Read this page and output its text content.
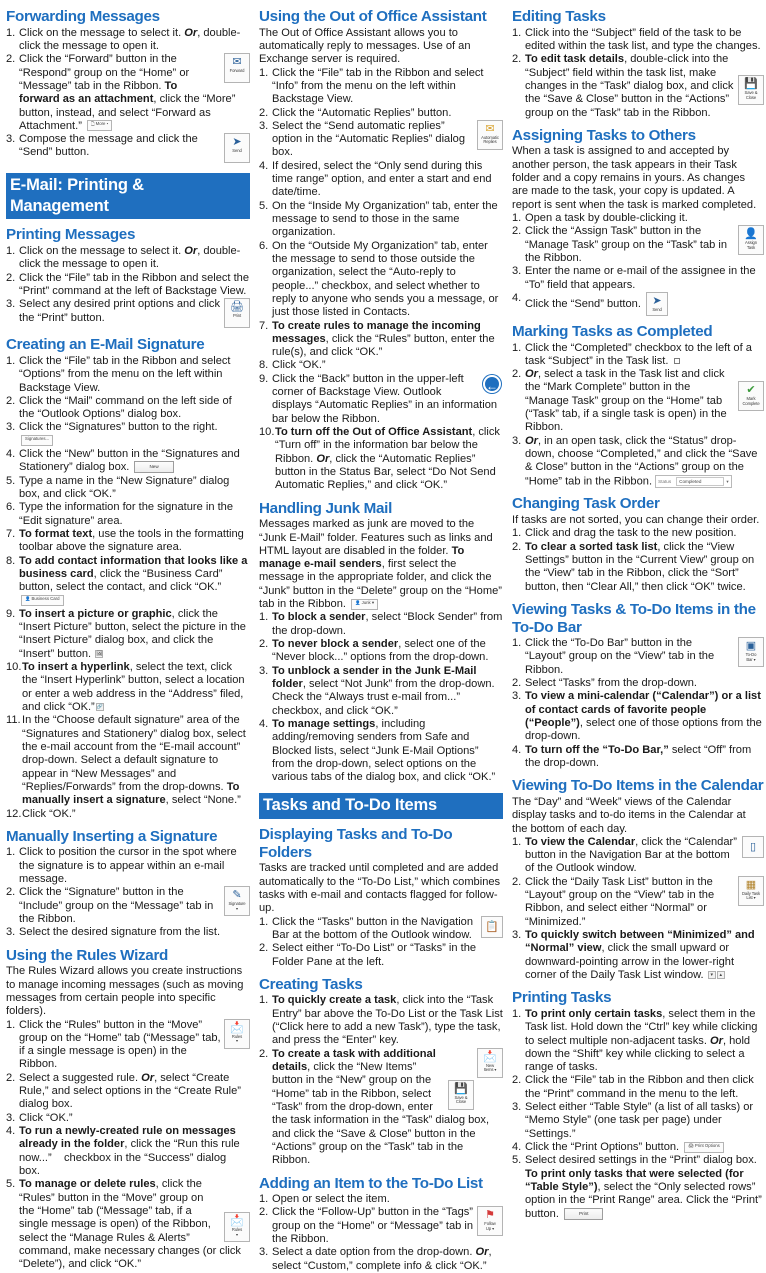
Forwarding Messages
1. Click on the message to select it. Or, double-click the message to open it.
2.	✉
Forward
Click the “Forward” button in the “Respond” group on the “Home” or “Message” tab in the Ribbon. To forward as an attachment, click the “More” button, instead, and select “Forward as Attachment.” 🗋 More ▾
3.	➤
Send
Compose the message and click the “Send” button.
E-Mail: Printing & Management
Printing Messages
1. Click on the message to select it. Or, double-click the message to open it.
2. Click the “File” tab in the Ribbon and select the “Print” command at the left of Backstage View.
3.	🖨
Print
Select any desired print options and click the “Print” button.
Creating an E-Mail Signature
1. Click the “File” tab in the Ribbon and select “Options” from the menu on the left within Backstage View.
2. Click the “Mail” command on the left side of the “Outlook Options” dialog box.
3. Click the “Signatures” button to the right. Signatures...
4. Click the “New” button in the “Signatures and Stationery” dialog box.	New
5. Type a name in the “New Signature” dialog box, and click “OK.”
6. Type the information for the signature in the “Edit signature” area.
7. To format text, use the tools in the formatting toolbar above the signature area.
8. To add contact information that looks like a business card, click the “Business Card” button, select the contact, and click “OK.” 👤 Business Card
9. To insert a picture or graphic, click the “Insert Picture” button, select the picture in the “Insert Picture” dialog box, and click the “Insert” button. 🖼
10. To insert a hyperlink, select the text, click the “Insert Hyperlink” button, select a location or enter a web address in the “Address” filed, and click “OK.” 🔗
11. In the “Choose default signature” area of the “Signatures and Stationery” dialog box, select the e-mail account from the “E-mail account” drop-down. Select a default signature to appear in “New Messages” and “Replies/Forwards” from the drop-downs. To manually insert a signature, select “None.”
12. Click “OK.”
Manually Inserting a Signature
1. Click to position the cursor in the spot where the signature is to appear within an e-mail message.
2.	✎
Signature
▾
Click the “Signature” button in the “Include” group on the “Message” tab in the Ribbon.
3. Select the desired signature from the list.
Using the Rules Wizard

The Rules Wizard allows you create instructions to manage incoming messages (such as moving messages from certain people into specific folders).

1.	📩
Rules
▾
Click the “Rules” button in the “Move” group on the “Home” tab (“Message” tab, if a single message is open) in the Ribbon.
2. Select a suggested rule. Or, select “Create Rule,” and select options in the “Create Rule” dialog box.
3. Click “OK.”
4. To run a newly-created rule on messages already in the folder, click the “Run this rule now...”    checkbox in the “Success” dialog box.
5.
📩
Rules
▾
To manage or delete rules, click the “Rules” button in the “Move” group on the “Home” tab (“Message” tab, if a single message is open) of the Ribbon, select the “Manage Rules & Alerts” command, make necessary changes (or click “Delete”), and click “OK.”
Using the Out of Office Assistant

The Out of Office Assistant allows you to automatically reply to messages. Use of an Exchange server is required.

1. Click the “File” tab in the Ribbon and select “Info” from the menu on the left within Backstage View.
2. Click the “Automatic Replies” button.
3.	✉
Automatic
Replies
Select the “Send automatic replies” option in the “Automatic Replies” dialog box.
4. If desired, select the “Only send during this time range” option, and enter a start and end date/time.
5. On the “Inside My Organization” tab, enter the message to send to those in the same organization.
6. On the “Outside My Organization” tab, enter the message to send to those outside the organization, select the “Auto-reply to people...” checkbox, and select whether to reply to anyone who sends you a message, or just those listed in Contacts.
7. To create rules to manage the incoming messages, click the “Rules” button, enter the rule(s), and click “OK.”
8. Click “OK.”
9.	←
Click the “Back” button in the upper-left corner of Backstage View. Outlook displays “Automatic Replies” in an information bar below the Ribbon.
10. To turn off the Out of Office Assistant, click “Turn off” in the information bar below the Ribbon. Or, click the “Automatic Replies” button in the Status Bar, select “Do Not Send Automatic Replies,” and click “OK.”
Handling Junk Mail

Messages marked as junk are moved to the “Junk E-Mail” folder. Features such as links and HTML layout are disabled in the folder. To manage e-mail senders, first select the message in the appropriate folder, and click the “Junk” button in the “Delete” group on the “Home” tab in the Ribbon. 👤 Junk ▾

1. To block a sender, select “Block Sender” from the drop-down.
2. To never block a sender, select one of the “Never block...” options from the drop-down.
3. To unblock a sender in the Junk E-Mail folder, select “Not Junk” from the drop-down. Check the “Always trust e-mail from...” checkbox, and click “OK.”
4. To manage settings, including adding/removing senders from Safe and Blocked lists, select “Junk E-Mail Options” from the drop-down, select options on the various tabs of the dialog box, and click “OK.”
Tasks and To-Do Items
Displaying Tasks and To-Do Folders

Tasks are tracked until completed and are added automatically to the “To-Do List,” which combines tasks with e-mail and contacts flagged for follow-up.

1.	📋
Click the “Tasks” button in the Navigation Bar at the bottom of the Outlook window.
2. Select either “To-Do List” or “Tasks” in the Folder Pane at the left.
Creating Tasks
1. To quickly create a task, click into the “Task Entry” bar above the To-Do List or the Task List (“Click here to add a new Task”), type the task, and press the “Enter” key.
2.	📩
New
Items ▾
💾
Save &
Close
To create a task with additional details, click the “New Items” button in the “New” group on the “Home” tab in the Ribbon, select “Task” from the drop-down, enter the task information in the “Task” dialog box, and click the “Save & Close” button in the “Actions” group on the “Task” tab in the Ribbon.
Adding an Item to the To-Do List
1. Open or select the item.
2.	⚑
Follow
Up ▾
Click the “Follow-Up” button in the “Tags” group on the “Home” or “Message” tab in the Ribbon.
3. Select a date option from the drop-down. Or, select “Custom,” complete info & click “OK.”
Editing Tasks
1. Click into the “Subject” field of the task to be edited within the task list, and type the changes.
2.
💾
Save &
Close
To edit task details, double-click into the “Subject” field within the task list, make changes in the “Task” dialog box, and click the “Save & Close” button in the “Actions” group on the “Task” tab in the Ribbon.
Assigning Tasks to Others

When a task is assigned to and accepted by another person, the task appears in their Task folder and a copy remains in yours. As changes are made to the task, your copy is updated. A report is sent when the task is marked completed.

1. Open a task by double-clicking it.
2.	👤
Assign
Task
Click the “Assign Task” button in the “Manage Task” group on the “Task” tab in the Ribbon.
3. Enter the name or e-mail of the assignee in the “To” field that appears.
4. Click the “Send” button.	➤
Send
Marking Tasks as Completed
1. Click the “Completed” checkbox to the left of a task “Subject” in the Task list.
2.
✔
Mark
Complete
Or, select a task in the Task list and click the “Mark Complete” button in the “Manage Task” group on the “Home” tab (“Task” tab, if a single task is open) in the Ribbon.
3. Or, in an open task, click the “Status” drop-down, choose “Completed,” and click the “Save & Close” button in the “Actions” group on the “Home” tab in the Ribbon. Status Completed	▾
Changing Task Order

If tasks are not sorted, you can change their order.

1. Click and drag the task to the new position.
2. To clear a sorted task list, click the “View Settings” button in the “Current View” group on the “View” tab in the Ribbon, click the “Sort” button, then “Clear All,” then click “OK” twice.
Viewing Tasks & To-Do Items in the To-Do Bar
1.	▣
To-Do
Bar ▾
Click the “To-Do Bar” button in the “Layout” group on the “View” tab in the Ribbon.
2. Select “Tasks” from the drop-down.
3. To view a mini-calendar (“Calendar”) or a list of contact cards of favorite people (“People”), select one of those options from the drop-down.
4. To turn off the “To-Do Bar,” select “Off” from the drop-down.
Viewing To-Do Items in the Calendar

The “Day” and “Week” views of the Calendar display tasks and to-do items in the Calendar at the bottom of each day.

1.	▯
To view the Calendar, click the “Calendar” button in the Navigation Bar at the bottom of the Outlook window.
2.	▦
Daily Task
List ▾
Click the “Daily Task List” button in the “Layout” group on the “View” tab in the Ribbon, and select either “Normal” or “Minimized.”
3. To quickly switch between “Minimized” and “Normal” view, click the small upward or downward-pointing arrow in the lower-right corner of the Daily Task List window. ▾ ▴
Printing Tasks
1. To print only certain tasks, select them in the Task list. Hold down the “Ctrl” key while clicking to select multiple non-adjacent tasks. Or, hold down the “Shift” key while clicking to select a range of tasks.
2. Click the “File” tab in the Ribbon and then click the “Print” command in the menu to the left.
3. Select either “Table Style” (a list of all tasks) or “Memo Style” (one task per page) under “Settings.”
4. Click the “Print Options” button. 🖨 Print Options
5. Select desired settings in the “Print” dialog box. To print only tasks that were selected (for “Table Style”), select the “Only selected rows” option in the “Print Range” area. Click the “Print” button.	Print
